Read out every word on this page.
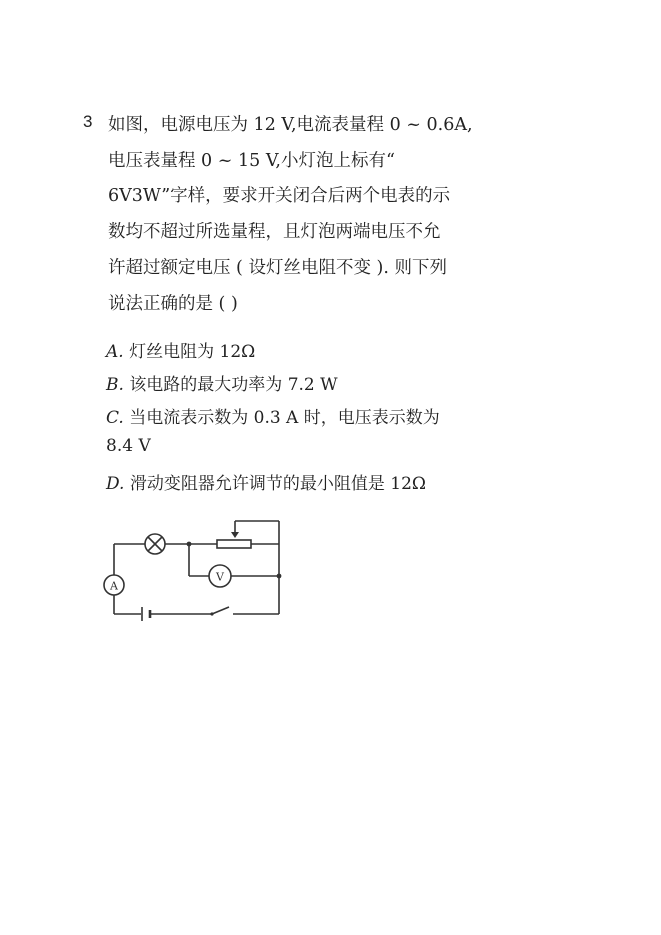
3 如图，电源电压为 12 V,电流表量程 0 ~ 0.6A,
电压表量程 0 ~ 15 V,小灯泡上标有“
6V3W”字样，要求开关闭合后两个电表的示
数均不超过所选量程，且灯泡两端电压不允
许超过额定电压 ( 设灯丝电阻不变 ). 则下列
说法正确的是 ( )
A. 灯丝电阻为 12Ω
B. 该电路的最大功率为 7.2 W
C. 当电流表示数为 0.3 A 时，电压表示数为
8.4 V
D. 滑动变阻器允许调节的最小阻值是 12Ω
A
V
